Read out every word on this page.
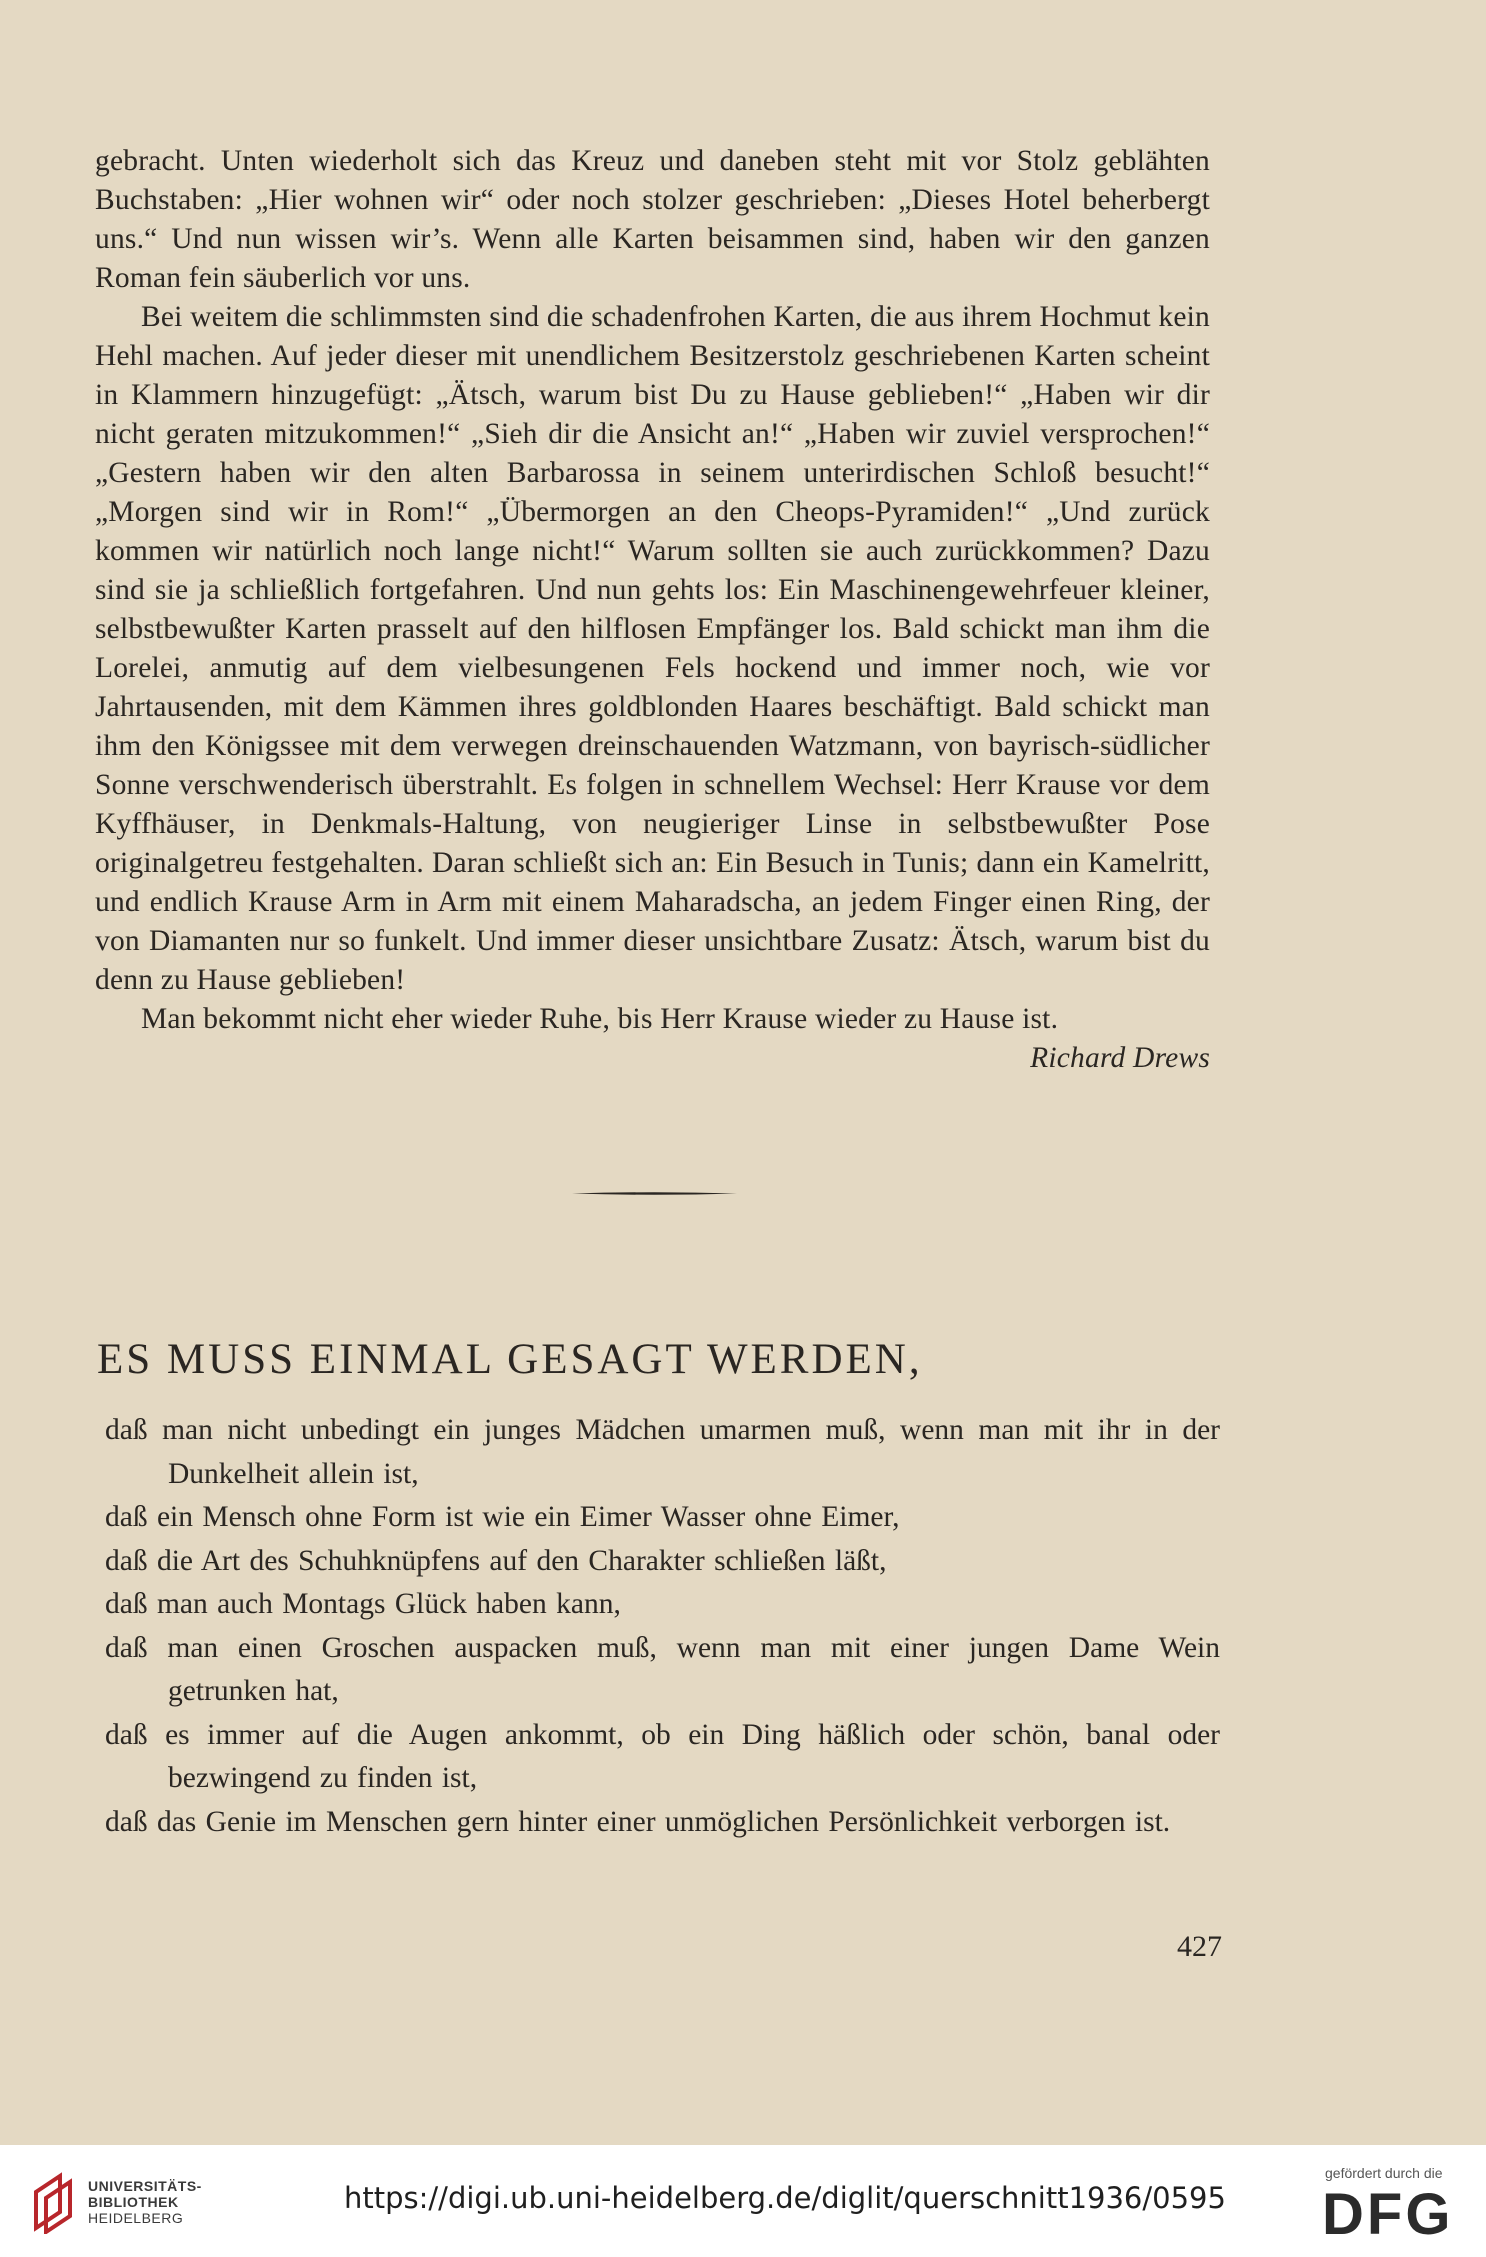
gebracht. Unten wiederholt sich das Kreuz und daneben steht mit vor Stolz geblähten Buchstaben: „Hier wohnen wir“ oder noch stolzer geschrieben: „Dieses Hotel beherbergt uns.“ Und nun wissen wir’s. Wenn alle Karten beisammen sind, haben wir den ganzen Roman fein säuberlich vor uns.

Bei weitem die schlimmsten sind die schadenfrohen Karten, die aus ihrem Hochmut kein Hehl machen. Auf jeder dieser mit unendlichem Besitzerstolz geschriebenen Karten scheint in Klammern hinzugefügt: „Ätsch, warum bist Du zu Hause geblieben!“ „Haben wir dir nicht geraten mitzukommen!“ „Sieh dir die Ansicht an!“ „Haben wir zuviel versprochen!“ „Gestern haben wir den alten Barbarossa in seinem unterirdischen Schloß besucht!“ „Morgen sind wir in Rom!“ „Übermorgen an den Cheops-Pyramiden!“ „Und zurück kommen wir natürlich noch lange nicht!“ Warum sollten sie auch zurückkommen? Dazu sind sie ja schließlich fortgefahren. Und nun gehts los: Ein Maschinengewehrfeuer kleiner, selbstbewußter Karten prasselt auf den hilflosen Empfänger los. Bald schickt man ihm die Lorelei, anmutig auf dem vielbesungenen Fels hockend und immer noch, wie vor Jahrtausenden, mit dem Kämmen ihres goldblonden Haares beschäftigt. Bald schickt man ihm den Königssee mit dem verwegen dreinschauenden Watzmann, von bayrisch-südlicher Sonne verschwenderisch überstrahlt. Es folgen in schnellem Wechsel: Herr Krause vor dem Kyffhäuser, in Denkmals-Haltung, von neugieriger Linse in selbstbewußter Pose originalgetreu festgehalten. Daran schließt sich an: Ein Besuch in Tunis; dann ein Kamelritt, und endlich Krause Arm in Arm mit einem Maharadscha, an jedem Finger einen Ring, der von Diamanten nur so funkelt. Und immer dieser unsichtbare Zusatz: Ätsch, warum bist du denn zu Hause geblieben!

Man bekommt nicht eher wieder Ruhe, bis Herr Krause wieder zu Hause ist.

Richard Drews

ES MUSS EINMAL GESAGT WERDEN,
daß man nicht unbedingt ein junges Mädchen umarmen muß, wenn man mit ihr in der Dunkelheit allein ist,
daß ein Mensch ohne Form ist wie ein Eimer Wasser ohne Eimer,
daß die Art des Schuhknüpfens auf den Charakter schließen läßt,
daß man auch Montags Glück haben kann,
daß man einen Groschen auspacken muß, wenn man mit einer jungen Dame Wein getrunken hat,
daß es immer auf die Augen ankommt, ob ein Ding häßlich oder schön, banal oder bezwingend zu finden ist,
daß das Genie im Menschen gern hinter einer unmöglichen Persönlichkeit verborgen ist.
427
UNIVERSITÄTS-
BIBLIOTHEK
HEIDELBERG
https://digi.ub.uni-heidelberg.de/diglit/querschnitt1936/0595
gefördert durch die
DFG
